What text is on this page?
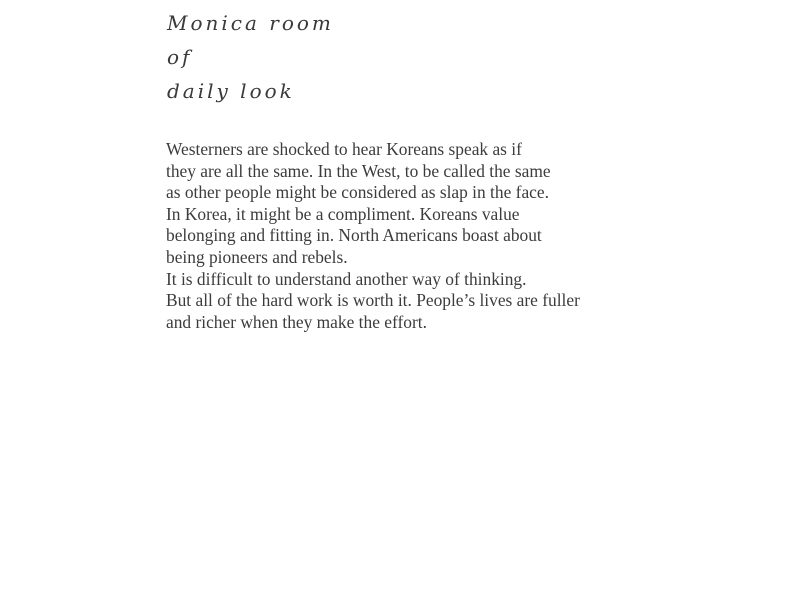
Monica room
of
daily look
Westerners are shocked to hear Koreans speak as if
they are all the same. In the West, to be called the same
as other people might be considered as slap in the face.
In Korea, it might be a compliment. Koreans value
belonging and fitting in. North Americans boast about
being pioneers and rebels.
It is difficult to understand another way of thinking.
But all of the hard work is worth it. People’s lives are fuller
and richer when they make the effort.
